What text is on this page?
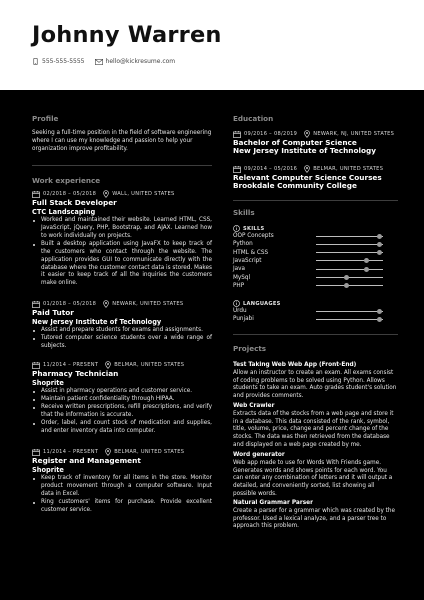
Johnny Warren
555-555-5555	hello@kickresume.com
Profile

Seeking a full-time position in the field of software engineering where I can use my knowledge and passion to help your organization improve profitability.

Work experience
02/2018 – 05/2018	WALL, UNITED STATES

Full Stack Developer

CTC Landscaping

Worked and maintained their website. Learned HTML, CSS, JavaScript, jQuery, PHP, Bootstrap, and AJAX. Learned how to work individually on projects.
Built a desktop application using JavaFX to keep track of the customers who contact through the website. The application provides GUI to communicate directly with the database where the customer contact data is stored. Makes it easier to keep track of all the inquiries the customers make online.
01/2018 – 05/2018	NEWARK, UNITED STATES

Paid Tutor

New Jersey Institute of Technology

Assist and prepare students for exams and assignments.
Tutored computer science students over a wide range of subjects.
11/2014 – PRESENT	BELMAR, UNITED STATES

Pharmacy Technician

Shoprite

Assist in pharmacy operations and customer service.
Maintain patient confidentiality through HIPAA.
Receive written prescriptions, refill prescriptions, and verify that the information is accurate.
Order, label, and count stock of medication and supplies, and enter inventory data into computer.
11/2014 – PRESENT	BELMAR, UNITED STATES

Register and Management

Shoprite

Keep track of inventory for all items in the store. Monitor product movement through a computer software. Input data in Excel.
Ring customers' items for purchase. Provide excellent customer service.
Education
09/2016 – 08/2019	NEWARK, NJ, UNITED STATES

Bachelor of Computer Science

New Jersey Institute of Technology

09/2014 – 05/2016	BELMAR, UNITED STATES

Relevant Computer Science Courses

Brookdale Community College

Skills
SKILLS
OOP Concepts
Python
HTML & CSS
JavaScript
Java
MySql
PHP
LANGUAGES
Urdu
Punjabi
Projects

Test Taking Web Web App (Front-End)

Allow an instructor to create an exam. All exams consist of coding problems to be solved using Python. Allows students to take an exam. Auto grades student's solution and provides comments.

Web Crawler

Extracts data of the stocks from a web page and store it in a database. This data consisted of the rank, symbol, title, volume, price, change and percent change of the stocks. The data was then retrieved from the database and displayed on a web page created by me.

Word generator

Web app made to use for Words With Friends game. Generates words and shows points for each word. You can enter any combination of letters and it will output a detailed, and conveniently sorted, list showing all possible words.

Natural Grammar Parser

Create a parser for a grammar which was created by the professor. Used a lexical analyze, and a parser tree to approach this problem.
